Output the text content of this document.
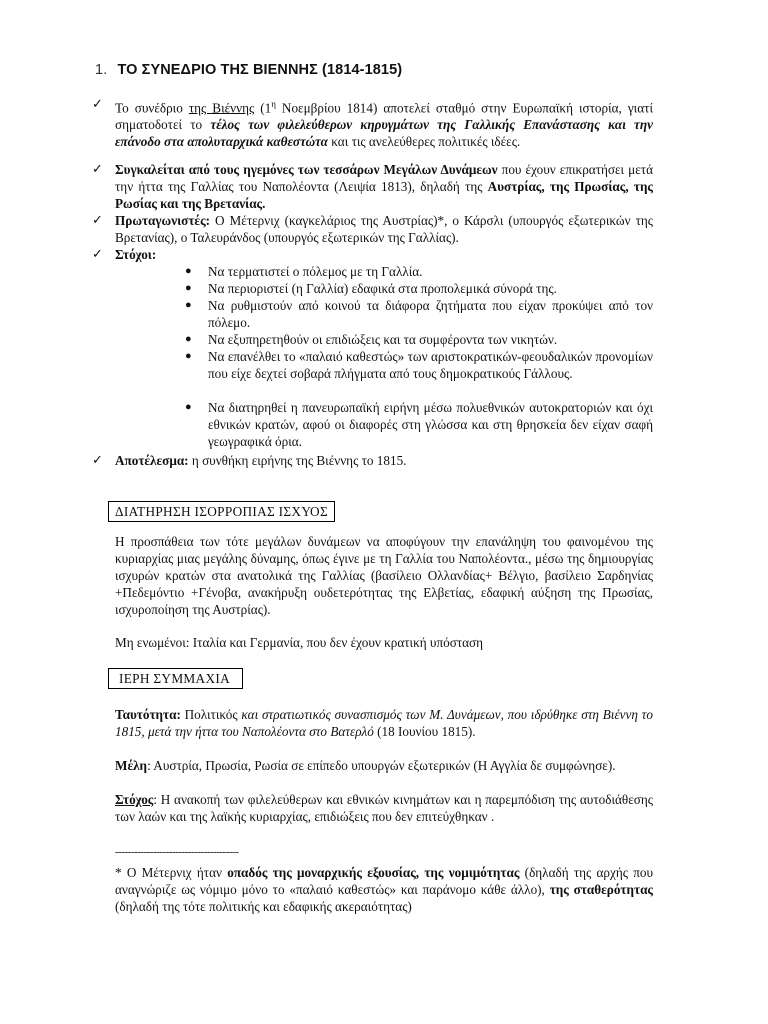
1. ΤΟ ΣΥΝΕΔΡΙΟ ΤΗΣ ΒΙΕΝΝΗΣ (1814-1815)
✓ Το συνέδριο της Βιέννης ($1^\eta$ Νοεμβρίου 1814) αποτελεί σταθμό στην Ευρωπαϊκή ιστορία, γιατί σηματοδοτεί το τέλος των φιλελεύθερων κηρυγμάτων της Γαλλικής Επανάστασης και την επάνοδο στα απολυταρχικά καθεστώτα και τις ανελεύθερες πολιτικές ιδέες.
✓ Συγκαλείται από τους ηγεμόνες των τεσσάρων Μεγάλων Δυνάμεων που έχουν επικρατήσει μετά την ήττα της Γαλλίας του Ναπολέοντα (Λειψία 1813), δηλαδή της Αυστρίας, της Πρωσίας, της Ρωσίας και της Βρετανίας.
✓ Πρωταγωνιστές: Ο Μέτερνιχ (καγκελάριος της Αυστρίας)*, ο Κάρσλι (υπουργός εξωτερικών της Βρετανίας), ο Ταλευράνδος (υπουργός εξωτερικών της Γαλλίας).
✓ Στόχοι:
● Να τερματιστεί ο πόλεμος με τη Γαλλία.
● Να περιοριστεί (η Γαλλία) εδαφικά στα προπολεμικά σύνορά της.
● Να ρυθμιστούν από κοινού τα διάφορα ζητήματα που είχαν προκύψει από τον πόλεμο.
● Να εξυπηρετηθούν οι επιδιώξεις και τα συμφέροντα των νικητών.
● Να επανέλθει το «παλαιό καθεστώς» των αριστοκρατικών-φεουδαλικών προνομίων που είχε δεχτεί σοβαρά πλήγματα από τους δημοκρατικούς Γάλλους.
● Να διατηρηθεί η πανευρωπαϊκή ειρήνη μέσω πολυεθνικών αυτοκρατοριών και όχι εθνικών κρατών, αφού οι διαφορές στη γλώσσα και στη θρησκεία δεν είχαν σαφή γεωγραφικά όρια.
✓ Αποτέλεσμα: η συνθήκη ειρήνης της Βιέννης το 1815.
ΔΙΑΤΗΡΗΣΗ ΙΣΟΡΡΟΠΙΑΣ ΙΣΧΥΟΣ
Η προσπάθεια των τότε μεγάλων δυνάμεων να αποφύγουν την επανάληψη του φαινομένου της κυριαρχίας μιας μεγάλης δύναμης, όπως έγινε με τη Γαλλία του Ναπολέοντα., μέσω της δημιουργίας ισχυρών κρατών στα ανατολικά της Γαλλίας (βασίλειο Ολλανδίας+ Βέλγιο, βασίλειο Σαρδηνίας +Πεδεμόντιο +Γένοβα, ανακήρυξη ουδετερότητας της Ελβετίας, εδαφική αύξηση της Πρωσίας, ισχυροποίηση της Αυστρίας).
Μη ενωμένοι: Ιταλία και Γερμανία, που δεν έχουν κρατική υπόσταση
ΙΕΡΗ ΣΥΜΜΑΧΙΑ
Ταυτότητα: Πολιτικός και στρατιωτικός συνασπισμός των Μ. Δυνάμεων, που ιδρύθηκε στη Βιέννη το 1815, μετά την ήττα του Ναπολέοντα στο Βατερλό (18 Ιουνίου 1815).
Μέλη: Αυστρία, Πρωσία, Ρωσία σε επίπεδο υπουργών εξωτερικών (Η Αγγλία δε συμφώνησε).
Στόχος: Η ανακοπή των φιλελεύθερων και εθνικών κινημάτων και η παρεμπόδιση της αυτοδιάθεσης των λαών και της λαϊκής κυριαρχίας, επιδιώξεις που δεν επιτεύχθηκαν .
---------------------------------------
* Ο Μέτερνιχ ήταν οπαδός της μοναρχικής εξουσίας, της νομιμότητας (δηλαδή της αρχής που αναγνώριζε ως νόμιμο μόνο το «παλαιό καθεστώς» και παράνομο κάθε άλλο), της σταθερότητας (δηλαδή της τότε πολιτικής και εδαφικής ακεραιότητας)
